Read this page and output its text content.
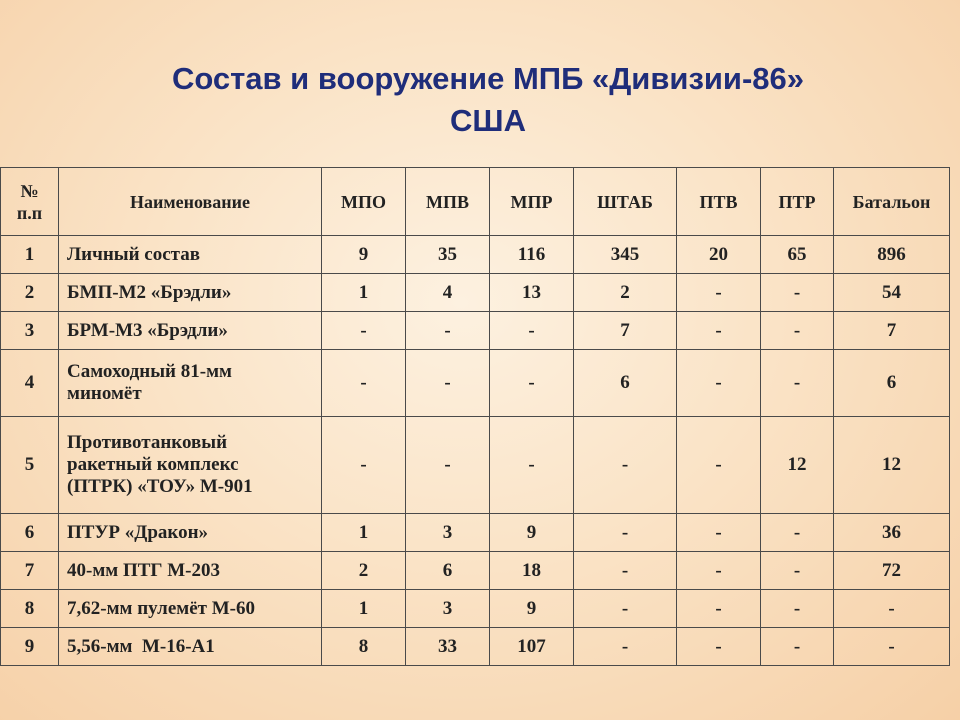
Состав и вооружение МПБ «Дивизии-86»
США
№
п.п	Наименование	МПО	МПВ	МПР	ШТАБ	ПТВ	ПТР	Батальон
1	Личный состав	9	35	116	345	20	65	896
2	БМП-М2 «Брэдли»	1	4	13	2	-	-	54
3	БРМ-М3 «Брэдли»	-	-	-	7	-	-	7
4	Самоходный 81-мм
миномёт	-	-	-	6	-	-	6
5	Противотанковый
ракетный комплекс
(ПТРК) «ТОУ» М-901	-	-	-	-	-	12	12
6	ПТУР «Дракон»	1	3	9	-	-	-	36
7	40-мм ПТГ М-203	2	6	18	-	-	-	72
8	7,62-мм пулемёт М-60	1	3	9	-	-	-	-
9	5,56-мм  М-16-А1	8	33	107	-	-	-	-
